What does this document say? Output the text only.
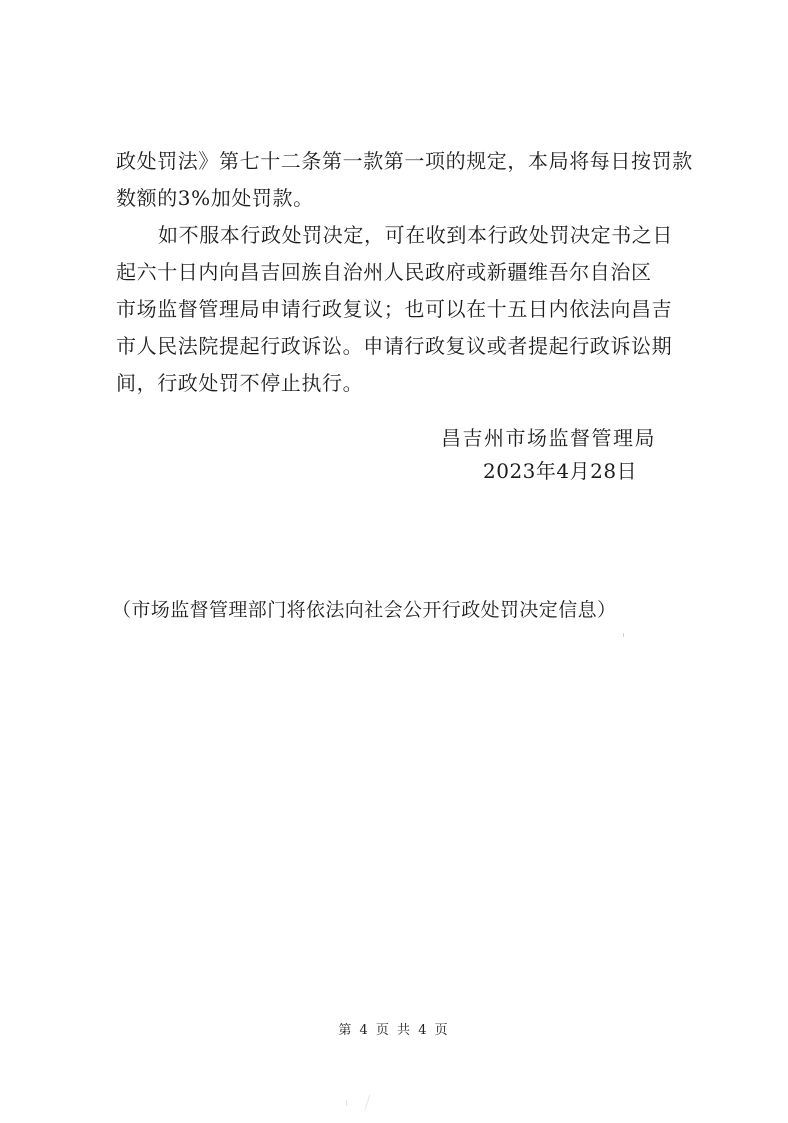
政处罚法》第七十二条第一款第一项的规定，本局将每日按罚款
数额的3%加处罚款。
如不服本行政处罚决定，可在收到本行政处罚决定书之日
起六十日内向昌吉回族自治州人民政府或新疆维吾尔自治区
市场监督管理局申请行政复议；也可以在十五日内依法向昌吉
市人民法院提起行政诉讼。申请行政复议或者提起行政诉讼期
间，行政处罚不停止执行。
昌吉州市场监督管理局
2023年4月28日
（市场监督管理部门将依法向社会公开行政处罚决定信息）
第 4 页 共 4 页
